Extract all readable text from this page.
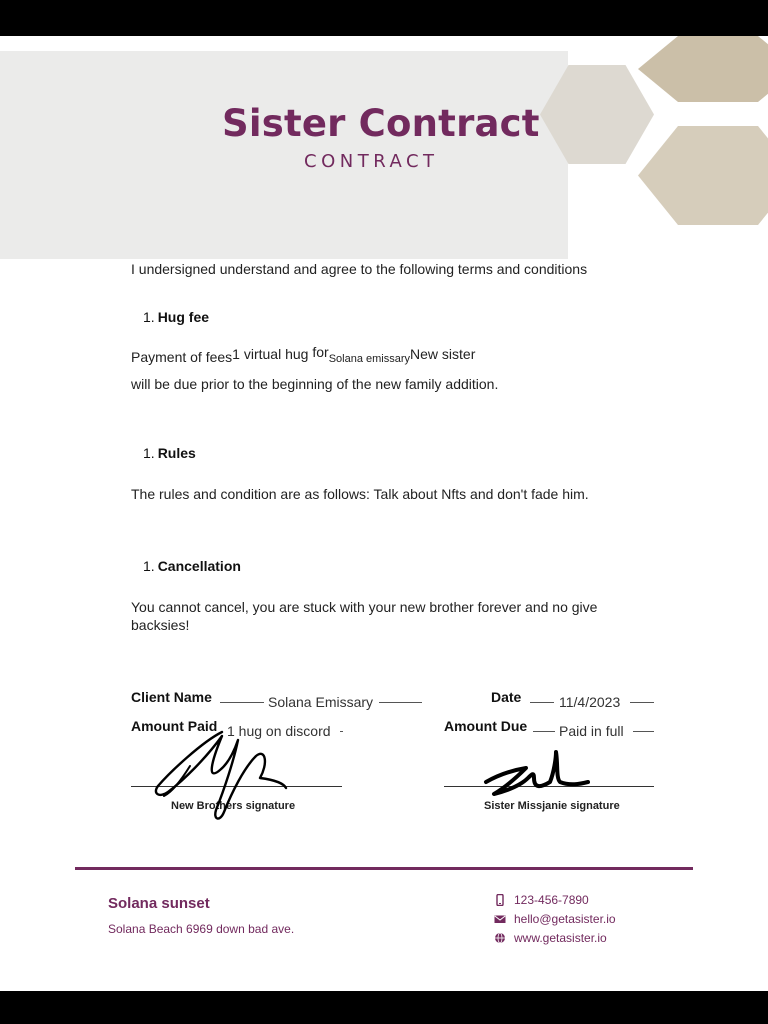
Sister Contract
CONTRACT
I undersigned understand and agree to the following terms and conditions
1. Hug fee
Payment of fees1 virtual hug forSolana emissaryNew sister
will be due prior to the beginning of the new family addition.
1. Rules
The rules and condition are as follows: Talk about Nfts and don't fade him.
1. Cancellation
You cannot cancel, you are stuck with your new brother forever and no give backsies!
Client Name	Solana Emissary	Date	11/4/2023
Amount Paid 1 hug on discord	Amount Due Paid in full
New Brothers signature	Sister Missjanie signature
Solana sunset
Solana Beach 6969 down bad ave.
123-456-7890
hello@getasister.io
www.getasister.io
